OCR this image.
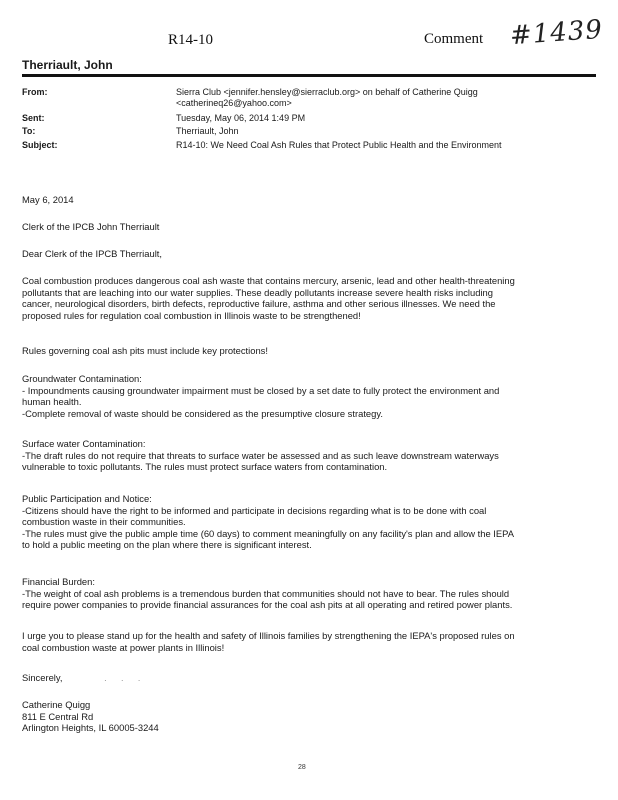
R14-10	Comment #1439
Therriault, John
From:	Sierra Club <jennifer.hensley@sierraclub.org> on behalf of Catherine Quigg
<catherineq26@yahoo.com>
Sent:	Tuesday, May 06, 2014 1:49 PM
To:	Therriault, John
Subject:	R14-10: We Need Coal Ash Rules that Protect Public Health and the Environment
May 6, 2014
Clerk of the IPCB John Therriault
Dear Clerk of the IPCB Therriault,
Coal combustion produces dangerous coal ash waste that contains mercury, arsenic, lead and other health-threatening
pollutants that are leaching into our water supplies. These deadly pollutants increase severe health risks including
cancer, neurological disorders, birth defects, reproductive failure, asthma and other serious illnesses. We need the
proposed rules for regulation coal combustion in Illinois waste to be strengthened!
Rules governing coal ash pits must include key protections!
Groundwater Contamination:
- Impoundments causing groundwater impairment must be closed by a set date to fully protect the environment and
human health.
-Complete removal of waste should be considered as the presumptive closure strategy.
Surface water Contamination:
-The draft rules do not require that threats to surface water be assessed and as such leave downstream waterways
vulnerable to toxic pollutants. The rules must protect surface waters from contamination.
Public Participation and Notice:
-Citizens should have the right to be informed and participate in decisions regarding what is to be done with coal
combustion waste in their communities.
-The rules must give the public ample time (60 days) to comment meaningfully on any facility's plan and allow the IEPA
to hold a public meeting on the plan where there is significant interest.
Financial Burden:
-The weight of coal ash problems is a tremendous burden that communities should not have to bear. The rules should
require power companies to provide financial assurances for the coal ash pits at all operating and retired power plants.
I urge you to please stand up for the health and safety of Illinois families by strengthening the IEPA's proposed rules on
coal combustion waste at power plants in Illinois!
Sincerely,	· · ·
Catherine Quigg
811 E Central Rd
Arlington Heights, IL 60005-3244
28
